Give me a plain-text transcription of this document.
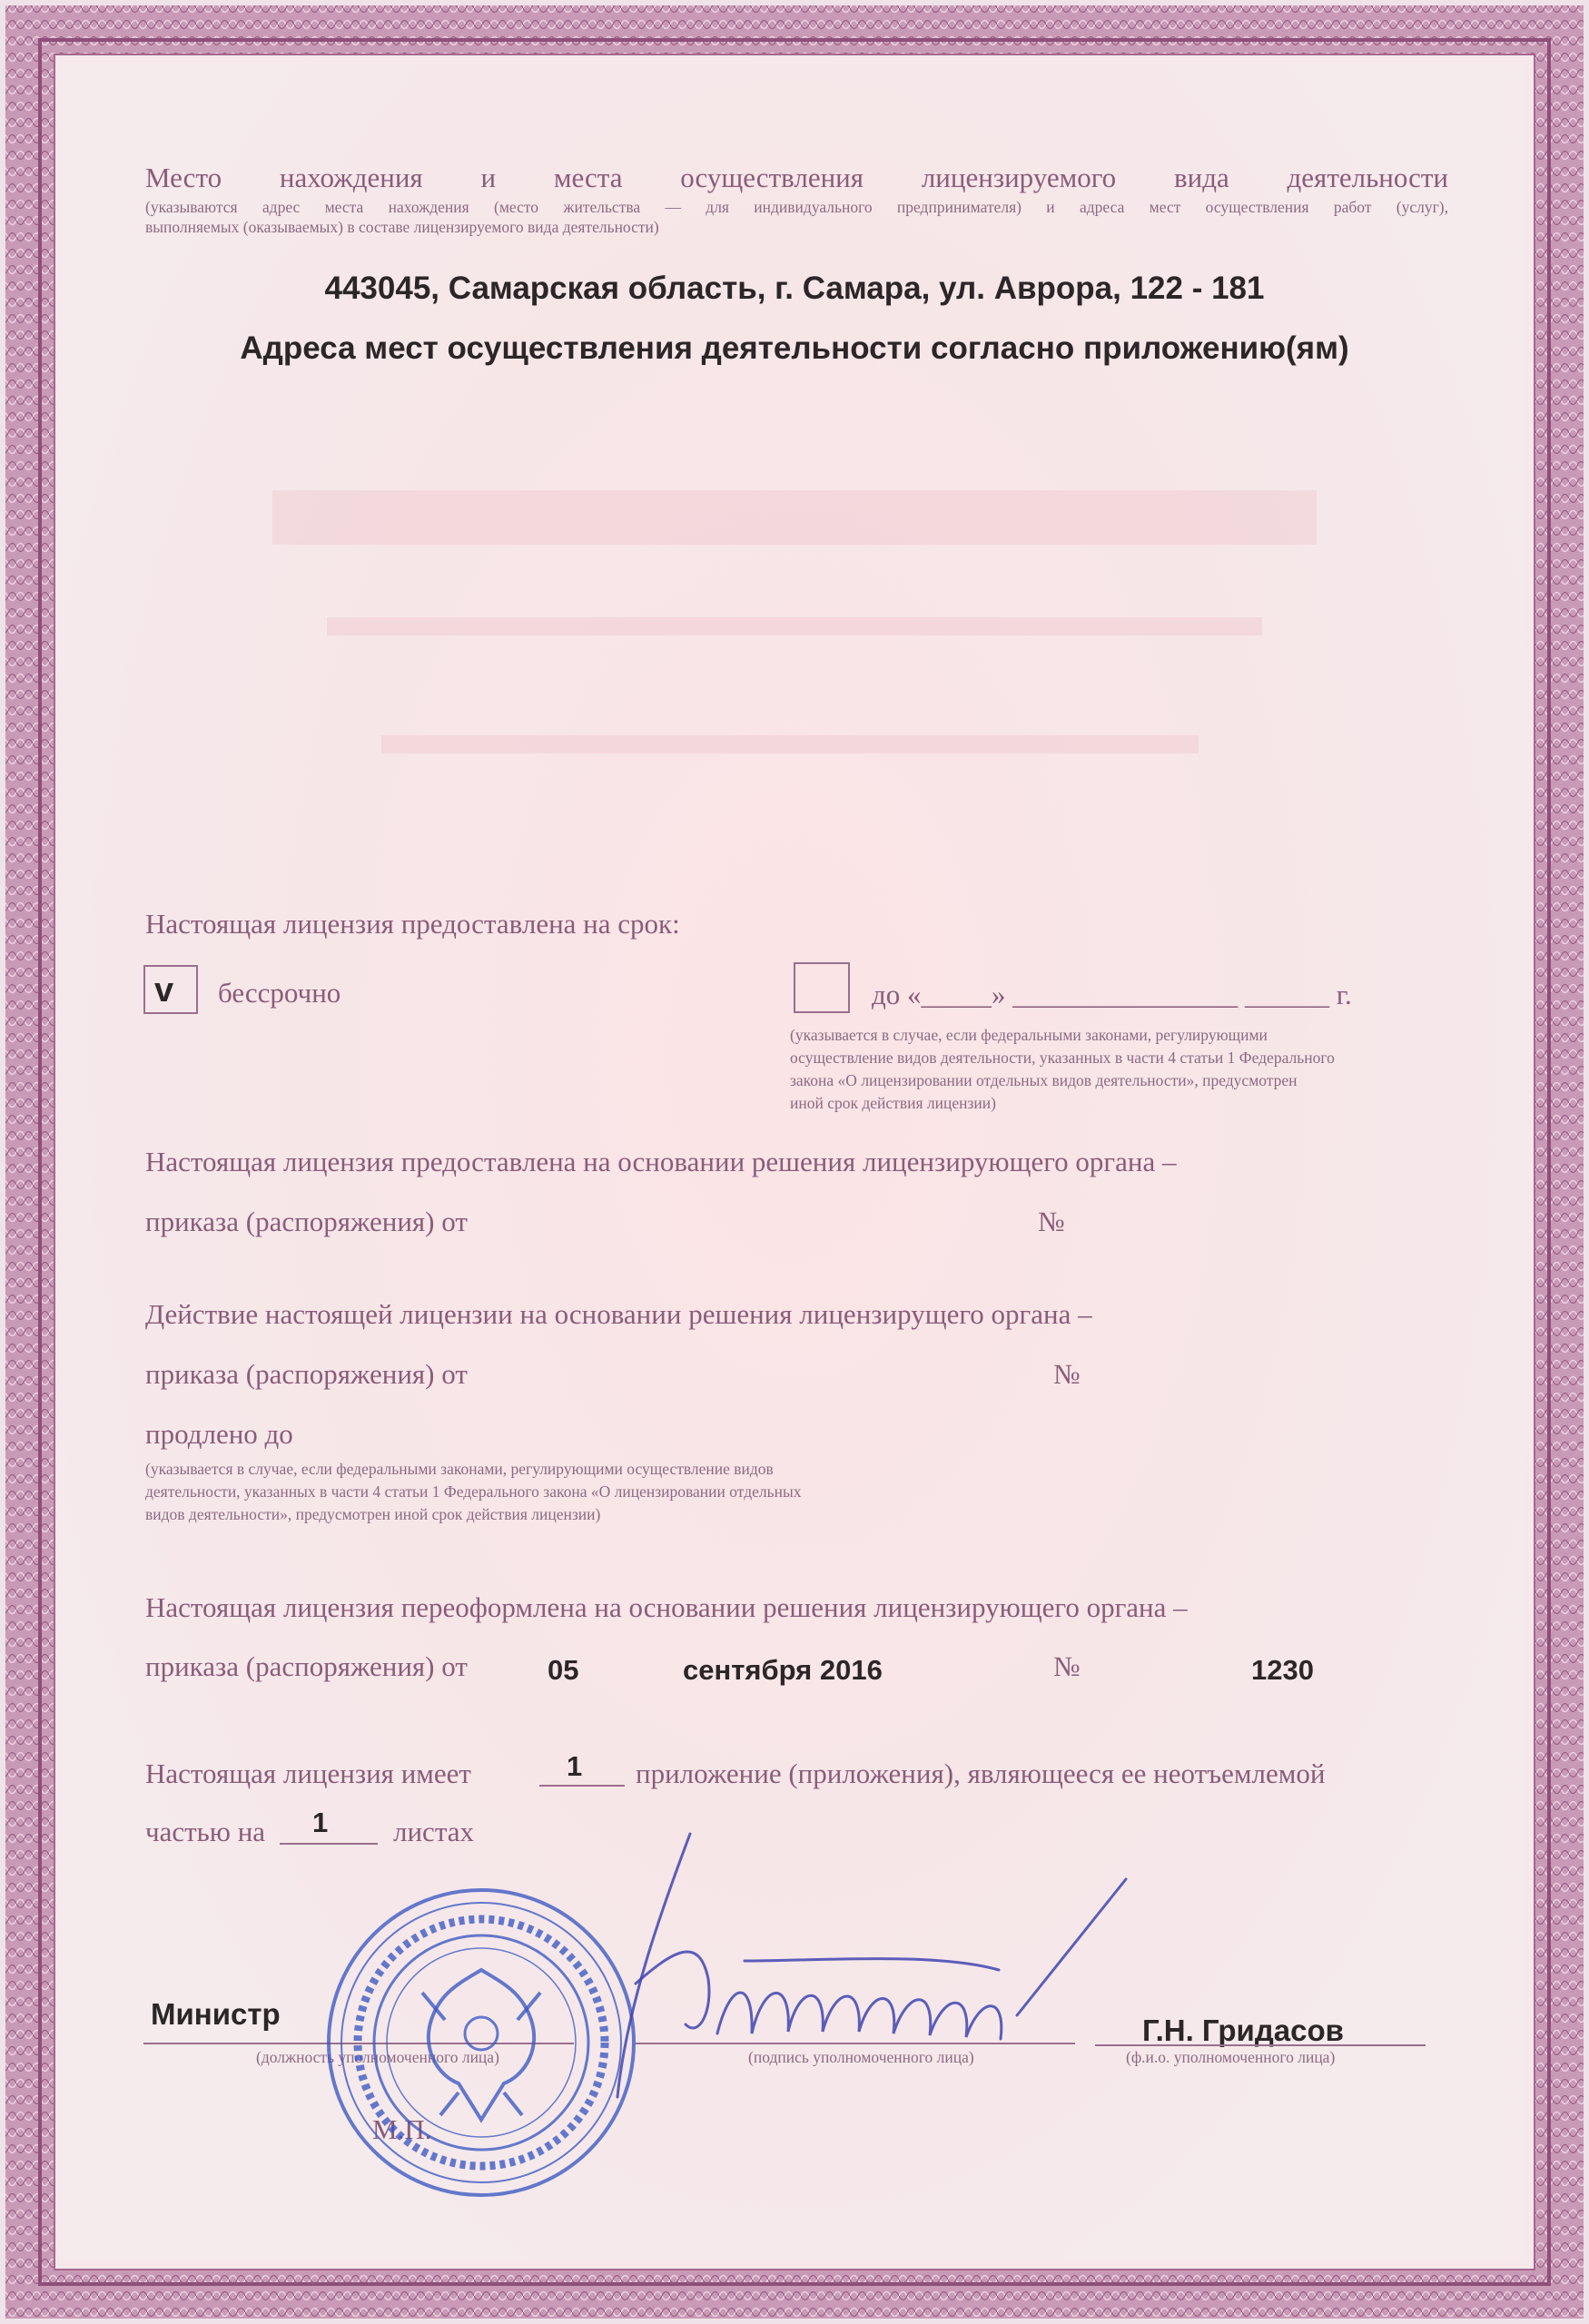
Место нахождения и места осуществления лицензируемого вида деятельности
(указываются адрес места нахождения (место жительства — для индивидуального предпринимателя) и адреса мест осуществления работ (услуг),
выполняемых (оказываемых) в составе лицензируемого вида деятельности)
443045, Самарская область, г. Самара, ул. Аврора, 122 - 181
Адреса мест осуществления деятельности согласно приложению(ям)
Настоящая лицензия предоставлена на срок:
v бессрочно	до «_____» ________________ ______ г.
(указывается в случае, если федеральными законами, регулирующими
осуществление видов деятельности, указанных в части 4 статьи 1 Федерального
закона «О лицензировании отдельных видов деятельности», предусмотрен
иной срок действия лицензии)
Настоящая лицензия предоставлена на основании решения лицензирующего органа –
приказа (распоряжения) от	№
Действие настоящей лицензии на основании решения лицензирущего органа –
приказа (распоряжения) от	№
продлено до
(указывается в случае, если федеральными законами, регулирующими осуществление видов
деятельности, указанных в части 4 статьи 1 Федерального закона «О лицензировании отдельных
видов деятельности», предусмотрен иной срок действия лицензии)
Настоящая лицензия переоформлена на основании решения лицензирующего органа –
приказа (распоряжения) от	05	сентября 2016	№	1230
Настоящая лицензия имеет	1 приложение (приложения), являющееся ее неотъемлемой
частью на 1 листах
Министр
(должность уполномоченного лица)	(подпись уполномоченного лица)
Г.Н. Гридасов
(ф.и.о. уполномоченного лица)
М.П.
